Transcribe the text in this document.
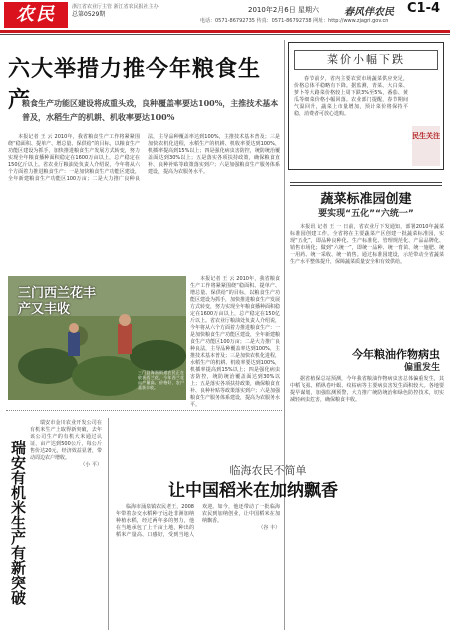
农民	浙江省农业厅主管 浙江省农民报社主办
总第0529期
2010年2月6日 星期六	春风伴农民 C1-4
电话：0571-86792735 传真：0571-86792738 网址：http://www.zjagri.gov.cn
六大举措力推今年粮食生产
粮食生产功能区建设将成重头戏，良种覆盖率要达100%，主推技术基本普及，水稻生产的机耕、机收率要达100%

本报记者 王 云 2010年，我省粮食生产工作将紧紧围绕“稳面积、提单产、增总量、保供给”的目标，以粮食生产功能区建设为抓手，加快推进粮食生产发展方式转变，努力实现全年粮食播种面积稳定在1600万亩以上，总产稳定在150亿斤以上。省农业厅粮油处负责人介绍说，今年将从六个方面着力推进粮食生产：一是加快粮食生产功能区建设，全年新建粮食生产功能区100万亩；二是大力推广良种良法，主导品种覆盖率达到100%，主推技术基本普及；三是加快农机化进程，水稻生产的机耕、机收率要达到100%，机插率提高到15%以上；四是强化病虫害防控，统防统治覆盖面达到30%以上；五是落实各项扶持政策，确保粮食直补、良种补贴等政策落实到户；六是加强粮食生产服务体系建设，提高为农服务水平。

菜价小幅下跌

春节前夕，省内主要农贸市场蔬菜供应充足，价格总体平稳略有下降。据监测，青菜、大白菜、萝卜等大路菜价格较上周下跌3%至5%，番茄、黄瓜等细菜价格小幅回落。农业部门提醒，春节期间气温回升，蔬菜上市量增加，预计菜价将保持平稳，消费者可放心选购。

民生关注
蔬菜标准园创建
要实现“五化”“六统一”

本报讯 记者 王 一 日前，省农业厅下发通知，部署2010年蔬菜标准园创建工作。全省将在主要蔬菜产区创建一批蔬菜标准园，实现“五化”，即品种良种化、生产标准化、管理规范化、产品品牌化、销售市场化；做到“六统一”，即统一品种、统一育苗、统一施肥、统一用药、统一采收、统一销售。通过标准园建设，示范带动全省蔬菜生产水平整体提升，保障蔬菜质量安全和有效供给。

今年粮油作物病虫
偏重发生

据省植保总站预测，今年我省粮油作物病虫害总体偏重发生，其中稻飞虱、稻纵卷叶螟、纹枯病等主要病虫害发生面积较大。各地要提早谋划，加强监测预警，大力推广统防统治和绿色防控技术，切实减轻病虫危害，确保粮食丰收。

三门西兰花丰产又丰收
三门县海润街道农民正在收获西兰花，今年西兰花亩产量高、价格好，农户喜获丰收。

本报记者 王 云 2010年，我省粮食生产工作将紧紧围绕“稳面积、提单产、增总量、保供给”的目标，以粮食生产功能区建设为抓手，加快推进粮食生产发展方式转变，努力实现全年粮食播种面积稳定在1600万亩以上，总产稳定在150亿斤以上。省农业厅粮油处负责人介绍说，今年将从六个方面着力推进粮食生产：一是加快粮食生产功能区建设，全年新建粮食生产功能区100万亩；二是大力推广良种良法，主导品种覆盖率达到100%，主推技术基本普及；三是加快农机化进程，水稻生产的机耕、机收率要达到100%，机插率提高到15%以上；四是强化病虫害防控，统防统治覆盖面达到30%以上；五是落实各项扶持政策，确保粮食直补、良种补贴等政策落实到户；六是加强粮食生产服务体系建设，提高为农服务水平。

瑞安有机米生产有新突破

瑞安市金川农业开发公司在有机米生产上取得新突破，去年该公司生产的有机大米通过认证，亩产达到500公斤，每公斤售价达20元，经济效益显著，带动周边农户增收。

（小 平）	临海农民不简单
让中国稻米在加纳飘香

临海市涌泉镇农民老王，2008年带着杂交水稻种子远赴非洲加纳种植水稻，经过两年多的努力，他在当地承包了上千亩土地，种出的稻米产量高、口感好，受到当地人欢迎。如今，他还带动了一批临海农民到加纳创业，让中国稻米在加纳飘香。

（谷 丰）
